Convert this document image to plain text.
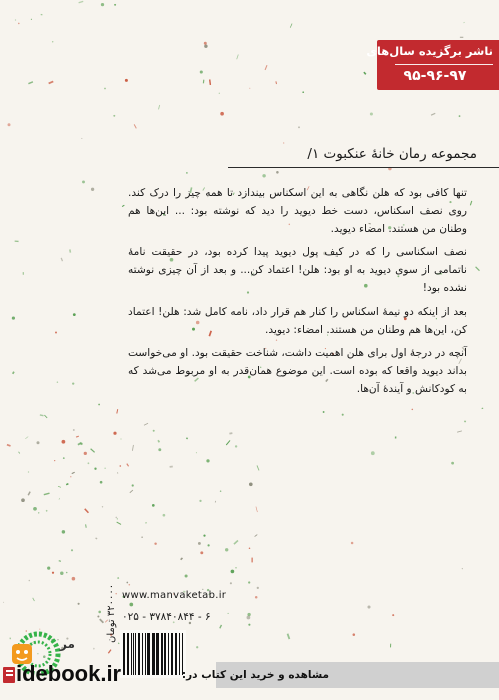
ناشر برگزیده سال‌های
۹۵-۹۶-۹۷
مجموعه رمان خانهٔ عنکبوت ۱/

تنها کافی بود که هلن نگاهی به این اسکناس بیندازد تا همه چیز را درک کند. روی نصف اسکناس، دست خط دیوید را دید که نوشته بود: ... این‌ها هم وطنان من هستند. امضاء دیوید.

نصف اسکناسی را که در کیف پول دیوید پیدا کرده بود، در حقیقت نامهٔ ناتمامی از سوی دیوید به او بود: هلن! اعتماد کن... و بعد از آن چیزی نوشته نشده بود!

بعد از اینکه دو نیمهٔ اسکناس را کنار هم قرار داد، نامه کامل شد: هلن! اعتماد کن، این‌ها هم وطنان من هستند. امضاء: دیوید.

آنچه در درجهٔ اول برای هلن اهمیت داشت، شناخت حقیقت بود. او می‌خواست بداند دیوید واقعا که بوده است. این موضوع همان‌قدر به او مربوط می‌شد که به کودکانش و آیندهٔ آن‌ها.

۳۲۰۰۰۰ تومان www.manvaketab.ir
۰۲۵ - ۳۷۸۴۰۸۴۴ - ۶
مر
idebook.ir	مشاهده و خرید این کتاب در:
